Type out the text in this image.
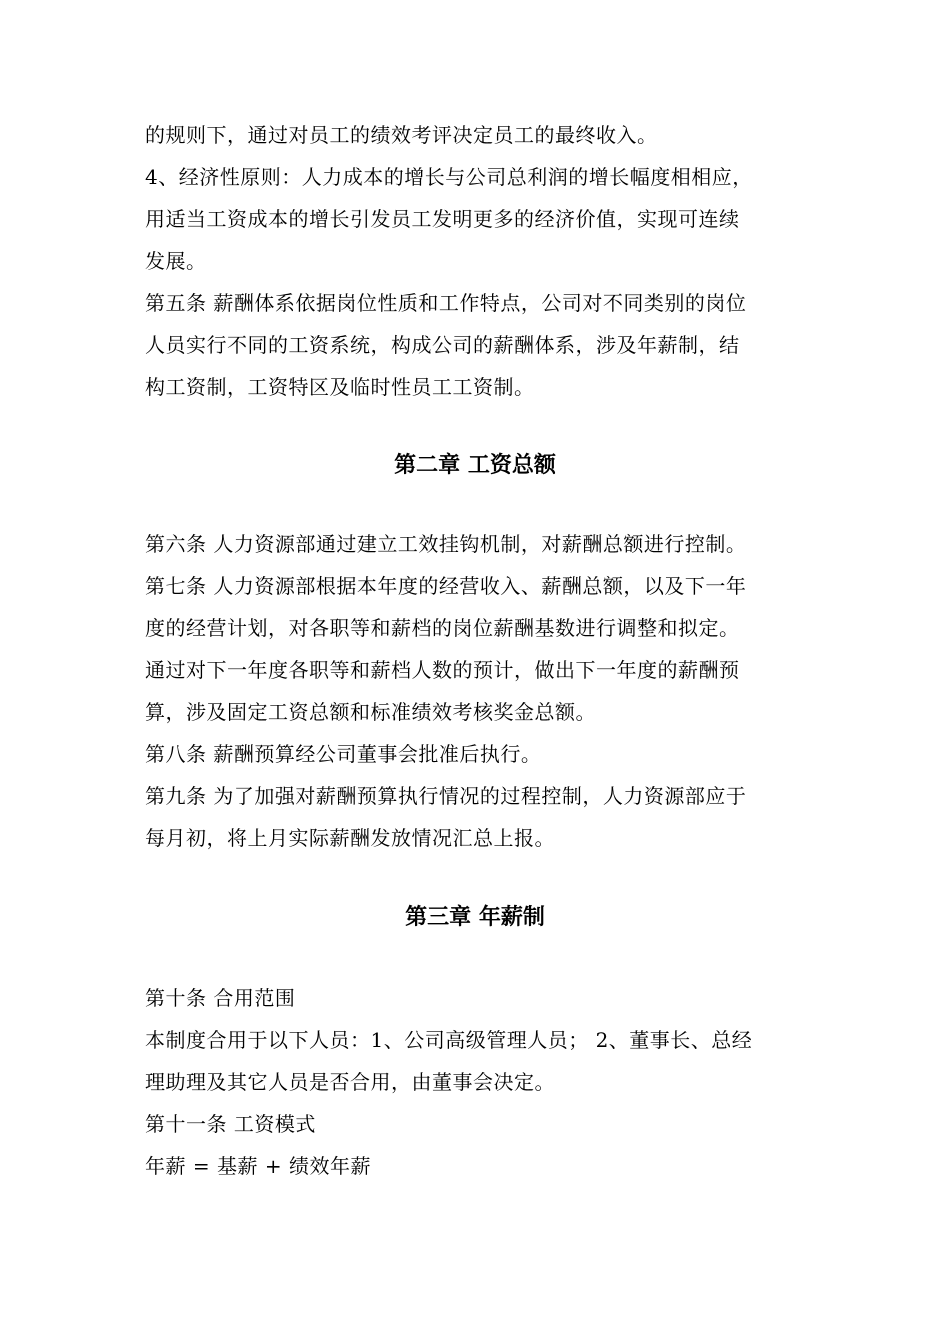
的规则下，通过对员工的绩效考评决定员工的最终收入。
4、经济性原则：人力成本的增长与公司总利润的增长幅度相相应，
用适当工资成本的增长引发员工发明更多的经济价值，实现可连续
发展。
第五条 薪酬体系依据岗位性质和工作特点，公司对不同类别的岗位
人员实行不同的工资系统，构成公司的薪酬体系，涉及年薪制，结
构工资制，工资特区及临时性员工工资制。
第二章 工资总额
第六条 人力资源部通过建立工效挂钩机制，对薪酬总额进行控制。
第七条 人力资源部根据本年度的经营收入、薪酬总额，以及下一年
度的经营计划，对各职等和薪档的岗位薪酬基数进行调整和拟定。
通过对下一年度各职等和薪档人数的预计，做出下一年度的薪酬预
算，涉及固定工资总额和标准绩效考核奖金总额。
第八条 薪酬预算经公司董事会批准后执行。
第九条 为了加强对薪酬预算执行情况的过程控制，人力资源部应于
每月初，将上月实际薪酬发放情况汇总上报。
第三章 年薪制
第十条 合用范围
本制度合用于以下人员：1、公司高级管理人员； 2、董事长、总经
理助理及其它人员是否合用，由董事会决定。
第十一条 工资模式
年薪 = 基薪 + 绩效年薪
